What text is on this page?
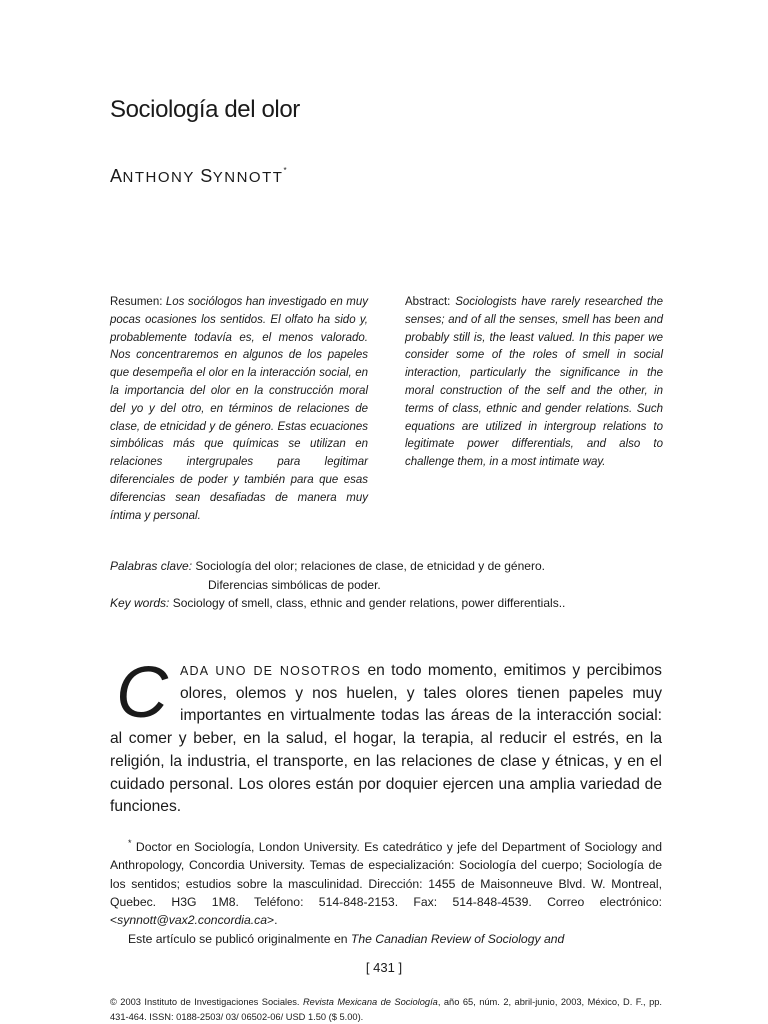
Sociología del olor
ANTHONY SYNNOTT*
Resumen: Los sociólogos han investigado en muy pocas ocasiones los sentidos. El olfato ha sido y, probablemente todavía es, el menos valorado. Nos concentraremos en algunos de los papeles que desempeña el olor en la interacción social, en la importancia del olor en la construcción moral del yo y del otro, en términos de relaciones de clase, de etnicidad y de género. Estas ecuaciones simbólicas más que químicas se utilizan en relaciones intergrupales para legitimar diferenciales de poder y también para que esas diferencias sean desafiadas de manera muy íntima y personal.
Abstract: Sociologists have rarely researched the senses; and of all the senses, smell has been and probably still is, the least valued. In this paper we consider some of the roles of smell in social interaction, particularly the significance in the moral construction of the self and the other, in terms of class, ethnic and gender relations. Such equations are utilized in intergroup relations to legitimate power differentials, and also to challenge them, in a most intimate way.

Palabras clave: Sociología del olor; relaciones de clase, de etnicidad y de género.

Diferencias simbólicas de poder.

Key words: Sociology of smell, class, ethnic and gender relations, power differentials..

CADA UNO DE NOSOTROS en todo momento, emitimos y percibimos olores, olemos y nos huelen, y tales olores tienen papeles muy importantes en virtualmente todas las áreas de la interacción social: al comer y beber, en la salud, el hogar, la terapia, al reducir el estrés, en la religión, la industria, el transporte, en las relaciones de clase y étnicas, y en el cuidado personal. Los olores están por doquier ejercen una amplia variedad de funciones.

* Doctor en Sociología, London University. Es catedrático y jefe del Department of Sociology and Anthropology, Concordia University. Temas de especialización: Sociología del cuerpo; Sociología de los sentidos; estudios sobre la masculinidad. Dirección: 1455 de Maisonneuve Blvd. W. Montreal, Quebec. H3G 1M8. Teléfono: 514-848-2153. Fax: 514-848-4539. Correo electrónico: <synnott@vax2.concordia.ca>.

Este artículo se publicó originalmente en The Canadian Review of Sociology and

[ 431 ]
© 2003 Instituto de Investigaciones Sociales. Revista Mexicana de Sociología, año 65, núm. 2, abril-junio, 2003, México, D. F., pp. 431-464. ISSN: 0188-2503/ 03/ 06502-06/ USD 1.50 ($ 5.00).
